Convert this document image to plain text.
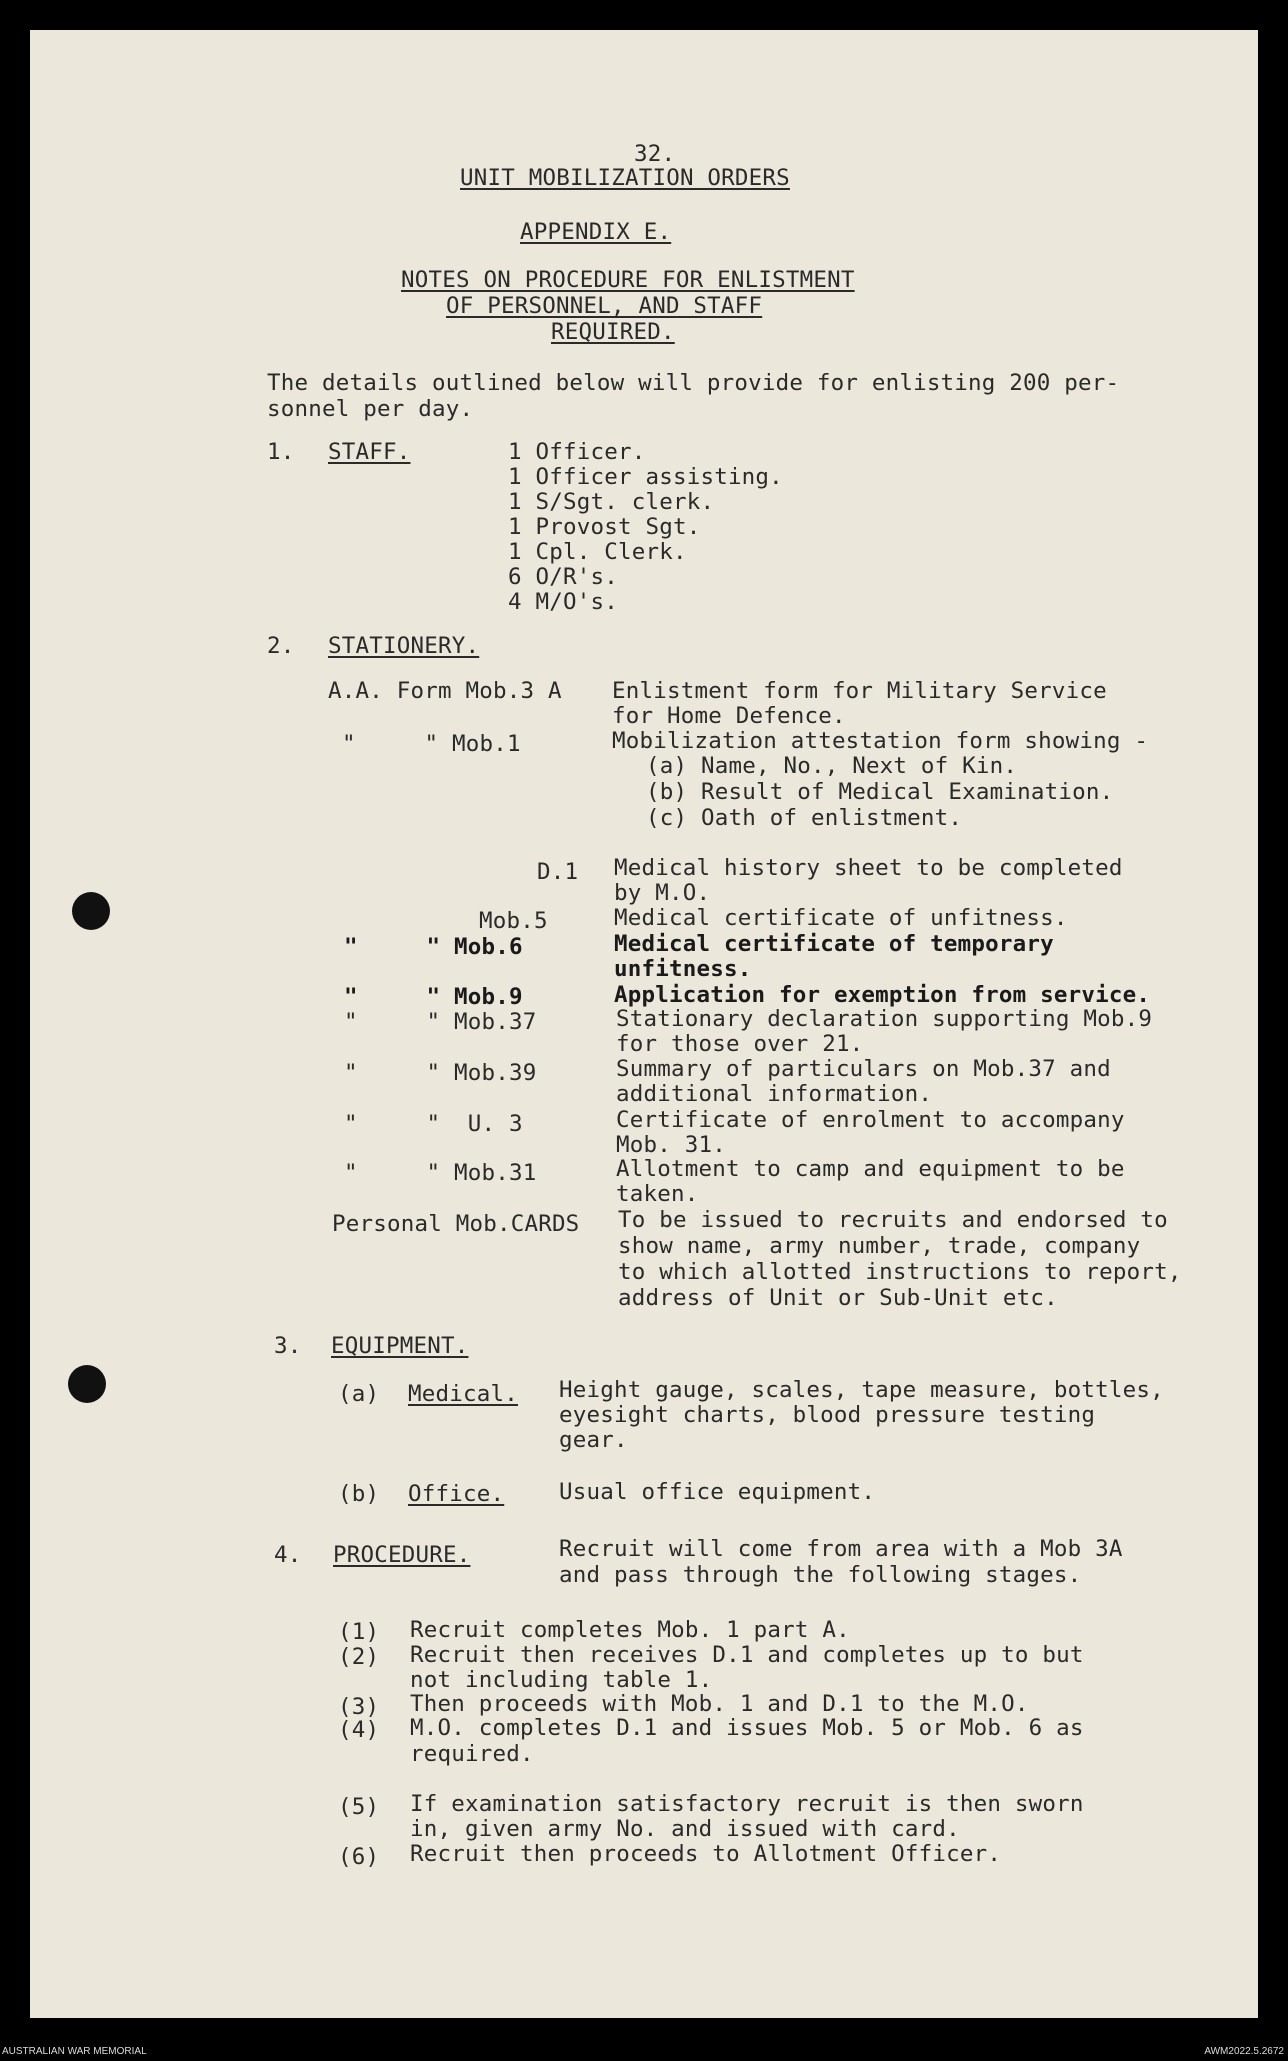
32.
UNIT MOBILIZATION ORDERS
APPENDIX E.
NOTES ON PROCEDURE FOR ENLISTMENT
OF PERSONNEL, AND STAFF
REQUIRED.
The details outlined below will provide for enlisting 200 per-
sonnel per day.
1. STAFF.	1 Officer.
1 Officer assisting.
1 S/Sgt. clerk.
1 Provost Sgt.
1 Cpl. Clerk.
6 O/R's.
4 M/O's.
2. STATIONERY.
A.A. Form Mob.3 A Enlistment form for Military Service
for Home Defence.
"     " Mob.1	Mobilization attestation form showing -
(a) Name, No., Next of Kin.
(b) Result of Medical Examination.
(c) Oath of enlistment.
D.1 Medical history sheet to be completed
by M.O.
Mob.5	Medical certificate of unfitness.
"     " Mob.6	Medical certificate of temporary
unfitness.
"     " Mob.9	Application for exemption from service.
"     " Mob.37	Stationary declaration supporting Mob.9
for those over 21.
"     " Mob.39	Summary of particulars on Mob.37 and
additional information.
"     "  U. 3	Certificate of enrolment to accompany
Mob. 31.
"     " Mob.31	Allotment to camp and equipment to be
taken.
Personal Mob.CARDS To be issued to recruits and endorsed to
show name, army number, trade, company
to which allotted instructions to report,
address of Unit or Sub-Unit etc.
3. EQUIPMENT.
(a) Medical. Height gauge, scales, tape measure, bottles,
eyesight charts, blood pressure testing
gear.
(b) Office. Usual office equipment.
4. PROCEDURE.	Recruit will come from area with a Mob 3A
and pass through the following stages.
(1) Recruit completes Mob. 1 part A.
(2) Recruit then receives D.1 and completes up to but
not including table 1.
(3) Then proceeds with Mob. 1 and D.1 to the M.O.
(4) M.O. completes D.1 and issues Mob. 5 or Mob. 6 as
required.
(5) If examination satisfactory recruit is then sworn
in, given army No. and issued with card.
(6) Recruit then proceeds to Allotment Officer.
AUSTRALIAN WAR MEMORIAL	AWM2022.5.2672
